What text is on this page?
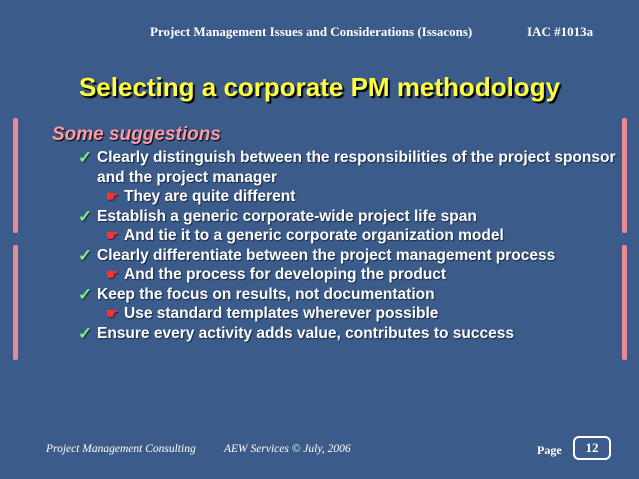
Project Management Issues and Considerations (Issacons)	IAC #1013a
Selecting a corporate PM methodology
Some suggestions
✓ Clearly distinguish between the responsibilities of the project sponsor and the project manager
☛ They are quite different
✓ Establish a generic corporate-wide project life span
☛ And tie it to a generic corporate organization model
✓ Clearly differentiate between the project management process
☛ And the process for developing the product
✓ Keep the focus on results, not documentation
☛ Use standard templates wherever possible
✓ Ensure every activity adds value, contributes to success
Project Management Consulting AEW Services © July, 2006	Page	12
